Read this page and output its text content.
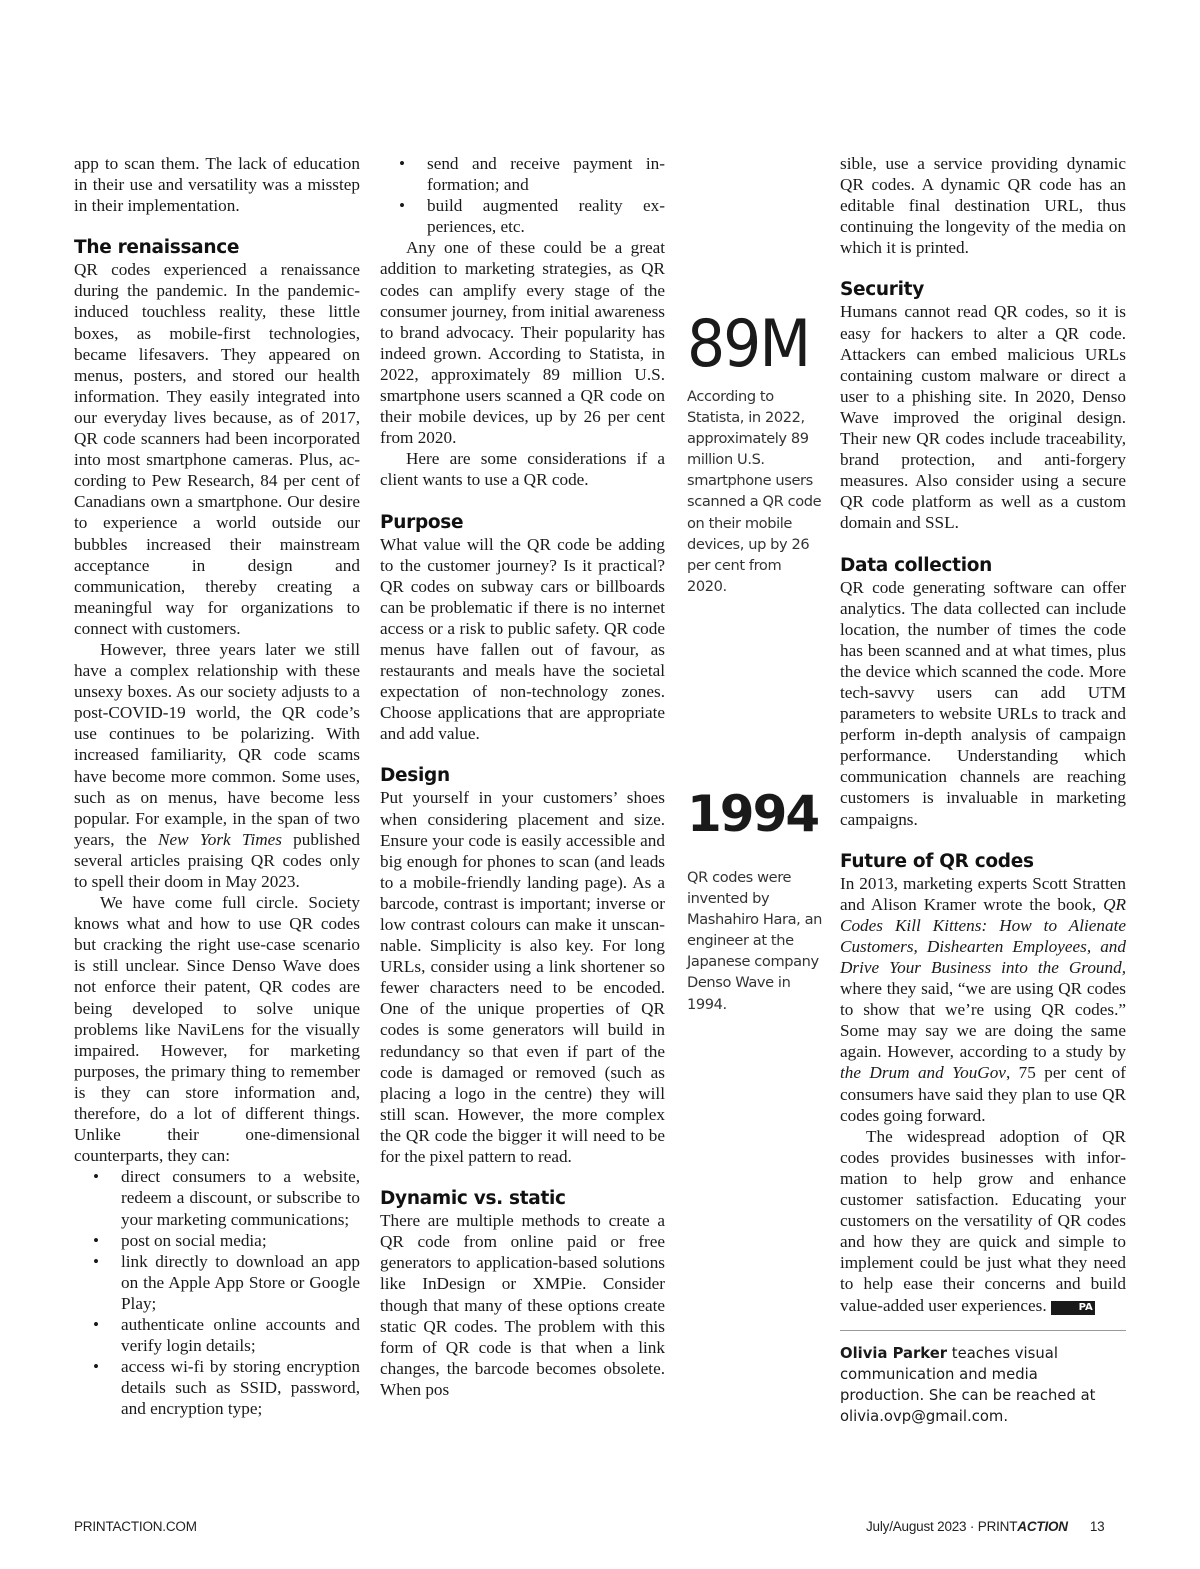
app to scan them. The lack of education in their use and versatility was a misstep in their implementation.

The renaissance

QR codes experienced a renaissance during the pandemic. In the pandemic-induced touchless reality, these little boxes, as mobile-first technologies, became lifesavers. They appeared on menus, posters, and stored our health information. They easily integrated into our everyday lives because, as of 2017, QR code scanners had been incorporated into most smartphone cameras. Plus, according to Pew Research, 84 per cent of Canadians own a smartphone. Our desire to experience a world outside our bubbles increased their mainstream acceptance in design and communication, thereby creating a meaningful way for organizations to connect with customers.

However, three years later we still have a complex relationship with these unsexy boxes. As our society adjusts to a post-COVID-19 world, the QR code’s use continues to be polarizing. With increased familiarity, QR code scams have become more common. Some uses, such as on menus, have become less popular. For example, in the span of two years, the New York Times published several articles praising QR codes only to spell their doom in May 2023.

We have come full circle. Society knows what and how to use QR codes but cracking the right use-case scenario is still unclear. Since Denso Wave does not enforce their patent, QR codes are being developed to solve unique problems like NaviLens for the visually impaired. However, for marketing purposes, the primary thing to remember is they can store information and, therefore, do a lot of different things. Unlike their one-dimensional counterparts, they can:

• direct consumers to a website, redeem a discount, or subscribe to your marketing communications;
• post on social media;
• link directly to download an app on the Apple App Store or Google Play;
• authenticate online accounts and verify login details;
• access wi-fi by storing encryption details such as SSID, password, and encryption type;
• send and receive payment information; and
• build augmented reality experiences, etc.

Any one of these could be a great addition to marketing strategies, as QR codes can amplify every stage of the consumer journey, from initial awareness to brand advocacy. Their popularity has indeed grown. According to Statista, in 2022, approximately 89 million U.S. smartphone users scanned a QR code on their mobile devices, up by 26 per cent from 2020.

Here are some considerations if a client wants to use a QR code.

Purpose

What value will the QR code be adding to the customer journey? Is it practical? QR codes on subway cars or billboards can be problematic if there is no internet access or a risk to public safety. QR code menus have fallen out of favour, as restaurants and meals have the societal expectation of non-technology zones. Choose applications that are appropriate and add value.

Design

Put yourself in your customers’ shoes when considering placement and size. Ensure your code is easily accessible and big enough for phones to scan (and leads to a mobile-friendly landing page). As a barcode, contrast is important; inverse or low contrast colours can make it unscannable. Simplicity is also key. For long URLs, consider using a link shortener so fewer characters need to be encoded. One of the unique properties of QR codes is some generators will build in redundancy so that even if part of the code is damaged or removed (such as placing a logo in the centre) they will still scan. However, the more complex the QR code the bigger it will need to be for the pixel pattern to read.

Dynamic vs. static

There are multiple methods to create a QR code from online paid or free generators to application-based solutions like InDesign or XMPie. Consider though that many of these options create static QR codes. The problem with this form of QR code is that when a link changes, the barcode becomes obsolete. When pos

89M
According to Statista, in 2022, approximately 89 million U.S. smartphone users scanned a QR code on their mobile devices, up by 26 per cent from 2020.
1994
QR codes were invented by Mashahiro Hara, an engineer at the Japanese company Denso Wave in 1994.

sible, use a service providing dynamic QR codes. A dynamic QR code has an editable final destination URL, thus continuing the longevity of the media on which it is printed.

Security

Humans cannot read QR codes, so it is easy for hackers to alter a QR code. Attackers can embed malicious URLs containing custom malware or direct a user to a phishing site. In 2020, Denso Wave improved the original design. Their new QR codes include traceability, brand protection, and anti-forgery measures. Also consider using a secure QR code platform as well as a custom domain and SSL.

Data collection

QR code generating software can offer analytics. The data collected can include location, the number of times the code has been scanned and at what times, plus the device which scanned the code. More tech-savvy users can add UTM parameters to website URLs to track and perform in-depth analysis of campaign performance. Understanding which communication channels are reaching customers is invaluable in marketing campaigns.

Future of QR codes

In 2013, marketing experts Scott Stratten and Alison Kramer wrote the book, QR Codes Kill Kittens: How to Alienate Customers, Dishearten Employees, and Drive Your Business into the Ground, where they said, “we are using QR codes to show that we’re using QR codes.” Some may say we are doing the same again. However, according to a study by the Drum and YouGov, 75 per cent of consumers have said they plan to use QR codes going forward.

The widespread adoption of QR codes provides businesses with information to help grow and enhance customer satisfaction. Educating your customers on the versatility of QR codes and how they are quick and simple to implement could be just what they need to help ease their concerns and build value-added user experiences.	PA

Olivia Parker teaches visual communication and media production. She can be reached at olivia.ovp@gmail.com.
PRINTACTION.COM	July/August 2023 · PRINTACTION 13
